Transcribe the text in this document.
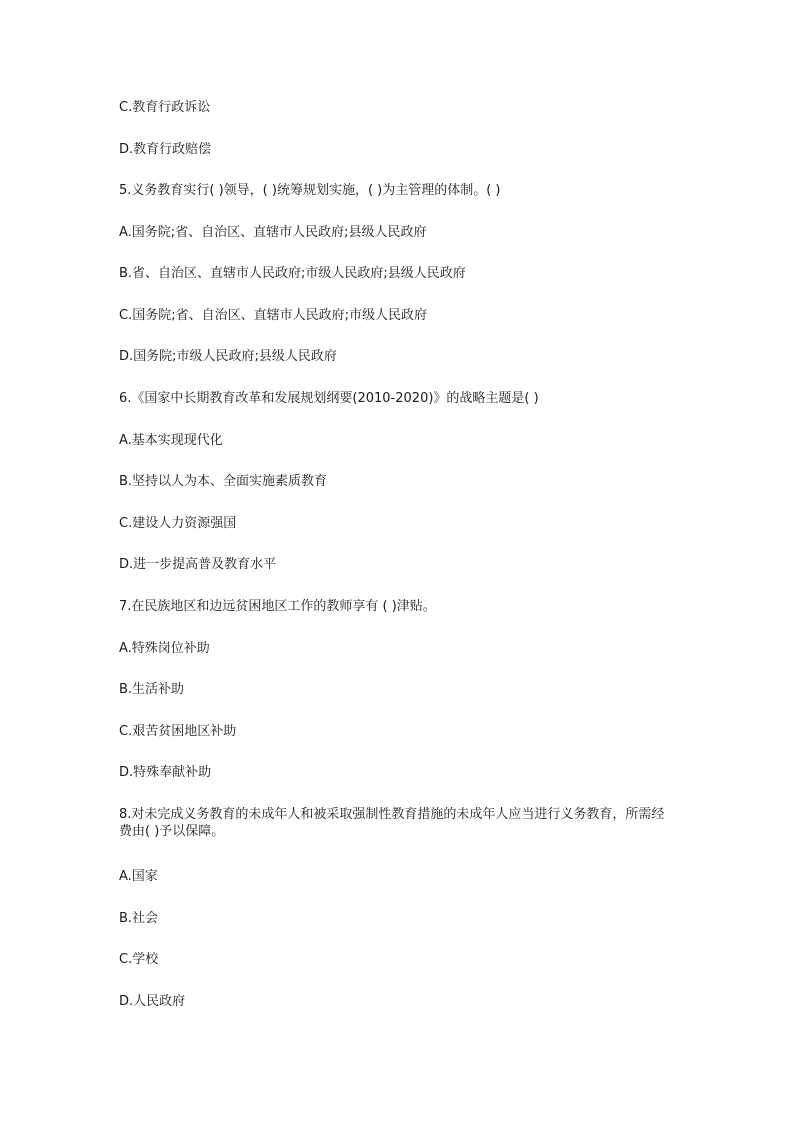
C.教育行政诉讼
D.教育行政赔偿
5.义务教育实行( )领导，( )统筹规划实施，( )为主管理的体制。( )
A.国务院;省、自治区、直辖市人民政府;县级人民政府
B.省、自治区、直辖市人民政府;市级人民政府;县级人民政府
C.国务院;省、自治区、直辖市人民政府;市级人民政府
D.国务院;市级人民政府;县级人民政府
6.《国家中长期教育改革和发展规划纲要(2010-2020)》的战略主题是( )
A.基本实现现代化
B.坚持以人为本、全面实施素质教育
C.建设人力资源强国
D.进一步提高普及教育水平
7.在民族地区和边远贫困地区工作的教师享有 ( )津贴。
A.特殊岗位补助
B.生活补助
C.艰苦贫困地区补助
D.特殊奉献补助
8.对未完成义务教育的未成年人和被采取强制性教育措施的未成年人应当进行义务教育，所需经费由( )予以保障。
A.国家
B.社会
C.学校
D.人民政府
